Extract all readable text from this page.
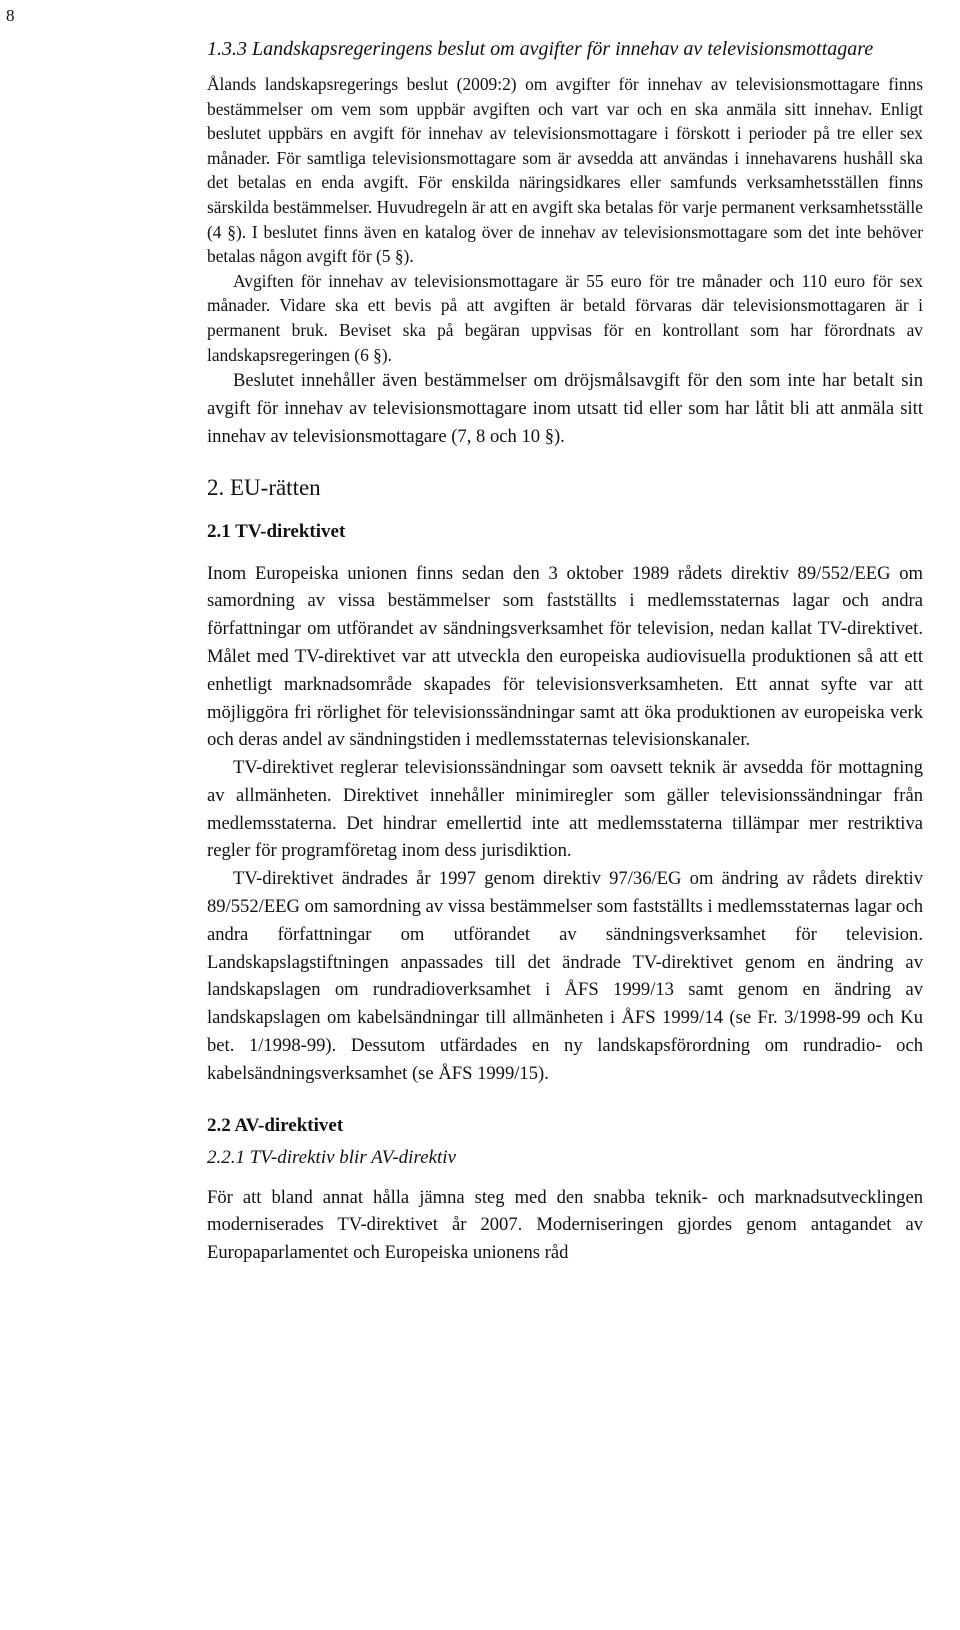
8
1.3.3 Landskapsregeringens beslut om avgifter för innehav av televisionsmottagare

Ålands landskapsregerings beslut (2009:2) om avgifter för innehav av televisionsmottagare finns bestämmelser om vem som uppbär avgiften och vart var och en ska anmäla sitt innehav. Enligt beslutet uppbärs en avgift för innehav av televisionsmottagare i förskott i perioder på tre eller sex månader. För samtliga televisionsmottagare som är avsedda att användas i innehavarens hushåll ska det betalas en enda avgift. För enskilda näringsidkares eller samfunds verksamhetsställen finns särskilda bestämmelser. Huvudregeln är att en avgift ska betalas för varje permanent verksamhetsställe (4 §). I beslutet finns även en katalog över de innehav av televisionsmottagare som det inte behöver betalas någon avgift för (5 §).

Avgiften för innehav av televisionsmottagare är 55 euro för tre månader och 110 euro för sex månader. Vidare ska ett bevis på att avgiften är betald förvaras där televisionsmottagaren är i permanent bruk. Beviset ska på begäran uppvisas för en kontrollant som har förordnats av landskapsregeringen (6 §).

Beslutet innehåller även bestämmelser om dröjsmålsavgift för den som inte har betalt sin avgift för innehav av televisionsmottagare inom utsatt tid eller som har låtit bli att anmäla sitt innehav av televisionsmottagare (7, 8 och 10 §).

2. EU-rätten
2.1 TV-direktivet

Inom Europeiska unionen finns sedan den 3 oktober 1989 rådets direktiv 89/552/EEG om samordning av vissa bestämmelser som fastställts i medlemsstaternas lagar och andra författningar om utförandet av sändningsverksamhet för television, nedan kallat TV-direktivet. Målet med TV-direktivet var att utveckla den europeiska audiovisuella produktionen så att ett enhetligt marknadsområde skapades för televisionsverksamheten. Ett annat syfte var att möjliggöra fri rörlighet för televisionssändningar samt att öka produktionen av europeiska verk och deras andel av sändningstiden i medlemsstaternas televisionskanaler.

TV-direktivet reglerar televisionssändningar som oavsett teknik är avsedda för mottagning av allmänheten. Direktivet innehåller minimiregler som gäller televisionssändningar från medlemsstaterna. Det hindrar emellertid inte att medlemsstaterna tillämpar mer restriktiva regler för programföretag inom dess jurisdiktion.

TV-direktivet ändrades år 1997 genom direktiv 97/36/EG om ändring av rådets direktiv 89/552/EEG om samordning av vissa bestämmelser som fastställts i medlemsstaternas lagar och andra författningar om utförandet av sändningsverksamhet för television. Landskapslagstiftningen anpassades till det ändrade TV-direktivet genom en ändring av landskapslagen om rundradioverksamhet i ÅFS 1999/13 samt genom en ändring av landskapslagen om kabelsändningar till allmänheten i ÅFS 1999/14 (se Fr. 3/1998-99 och Ku bet. 1/1998-99). Dessutom utfärdades en ny landskapsförordning om rundradio- och kabelsändningsverksamhet (se ÅFS 1999/15).

2.2 AV-direktivet
2.2.1 TV-direktiv blir AV-direktiv

För att bland annat hålla jämna steg med den snabba teknik- och marknadsutvecklingen moderniserades TV-direktivet år 2007. Moderniseringen gjordes genom antagandet av Europaparlamentet och Europeiska unionens råd
